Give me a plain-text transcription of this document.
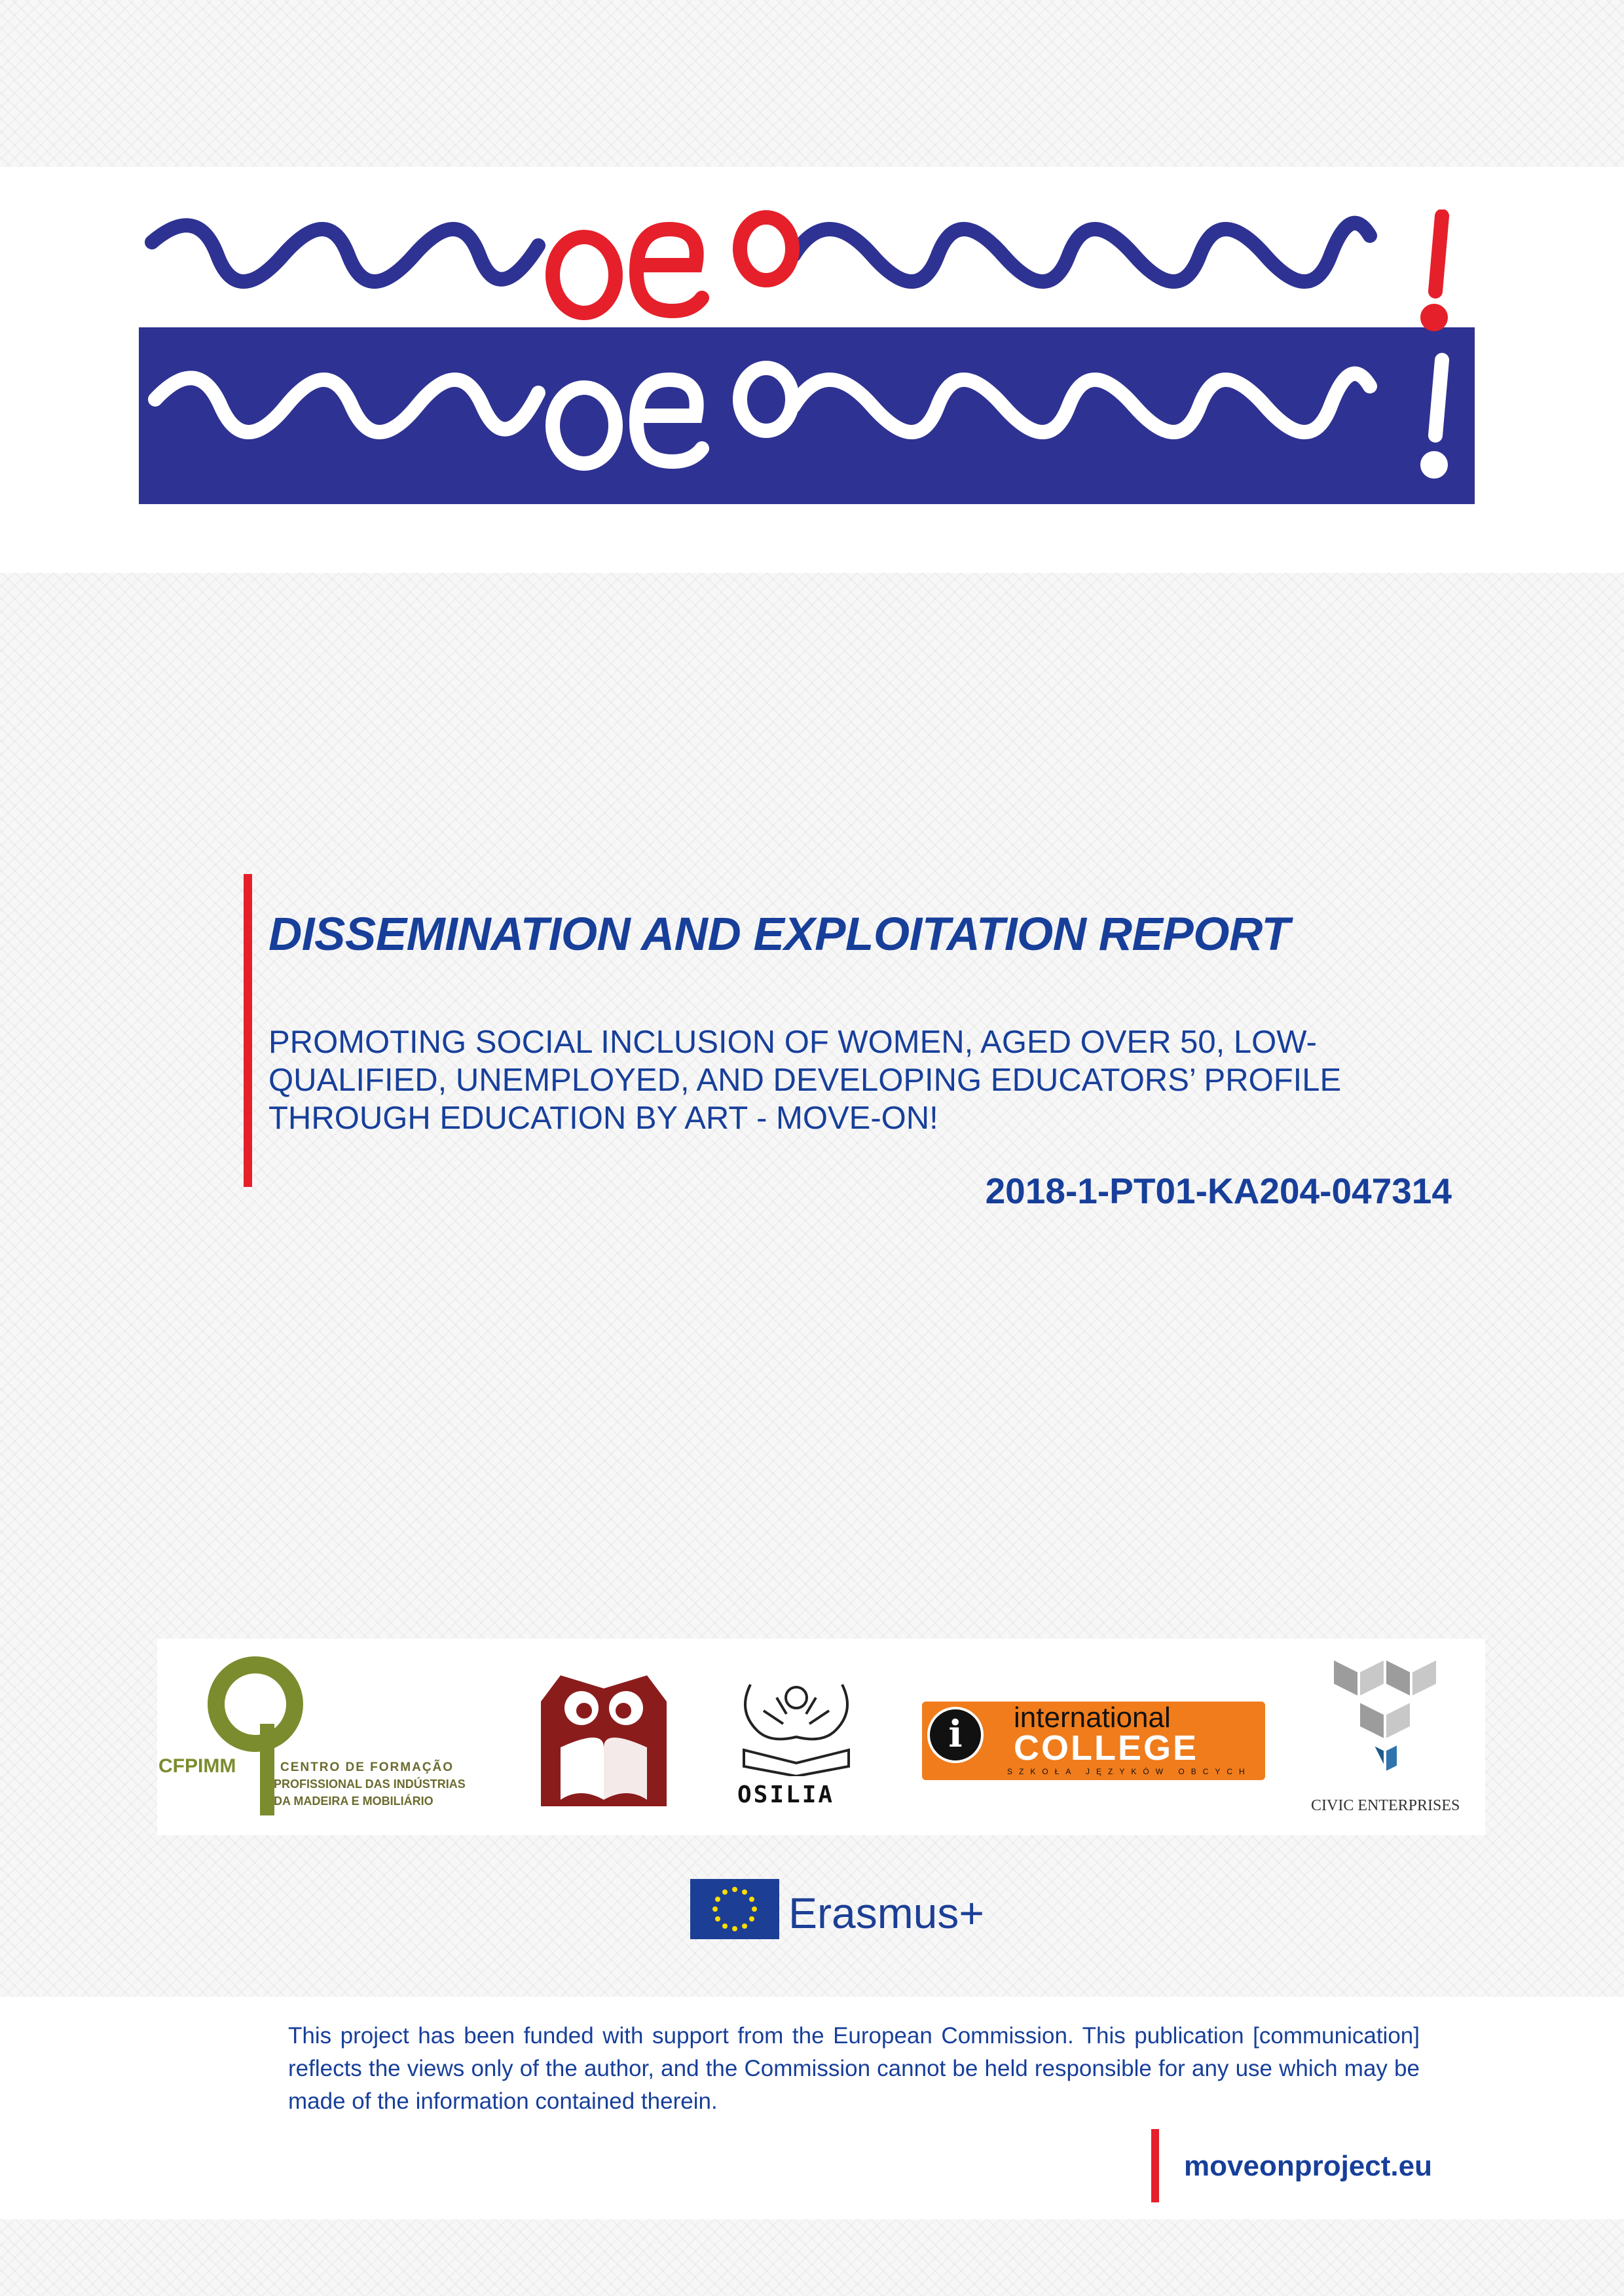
DISSEMINATION AND EXPLOITATION REPORT

PROMOTING SOCIAL INCLUSION OF WOMEN, AGED OVER 50, LOW-
QUALIFIED, UNEMPLOYED, AND DEVELOPING EDUCATORS’ PROFILE
THROUGH EDUCATION BY ART - MOVE-ON!

2018-1-PT01-KA204-047314
CFPIMM	CENTRO DE FORMAÇÃO
PROFISSIONAL DAS INDÚSTRIAS
DA MADEIRA E MOBILIÁRIO	OSILIA
i	international
COLLEGE
SZKOŁA JĘZYKÓW OBCYCH
CIVIC ENTERPRISES
Erasmus+

This project has been funded with support from the European Commission. This publication [communication] reflects the views only of the author, and the Commission cannot be held responsible for any use which may be made of the information contained therein.

moveonproject.eu
